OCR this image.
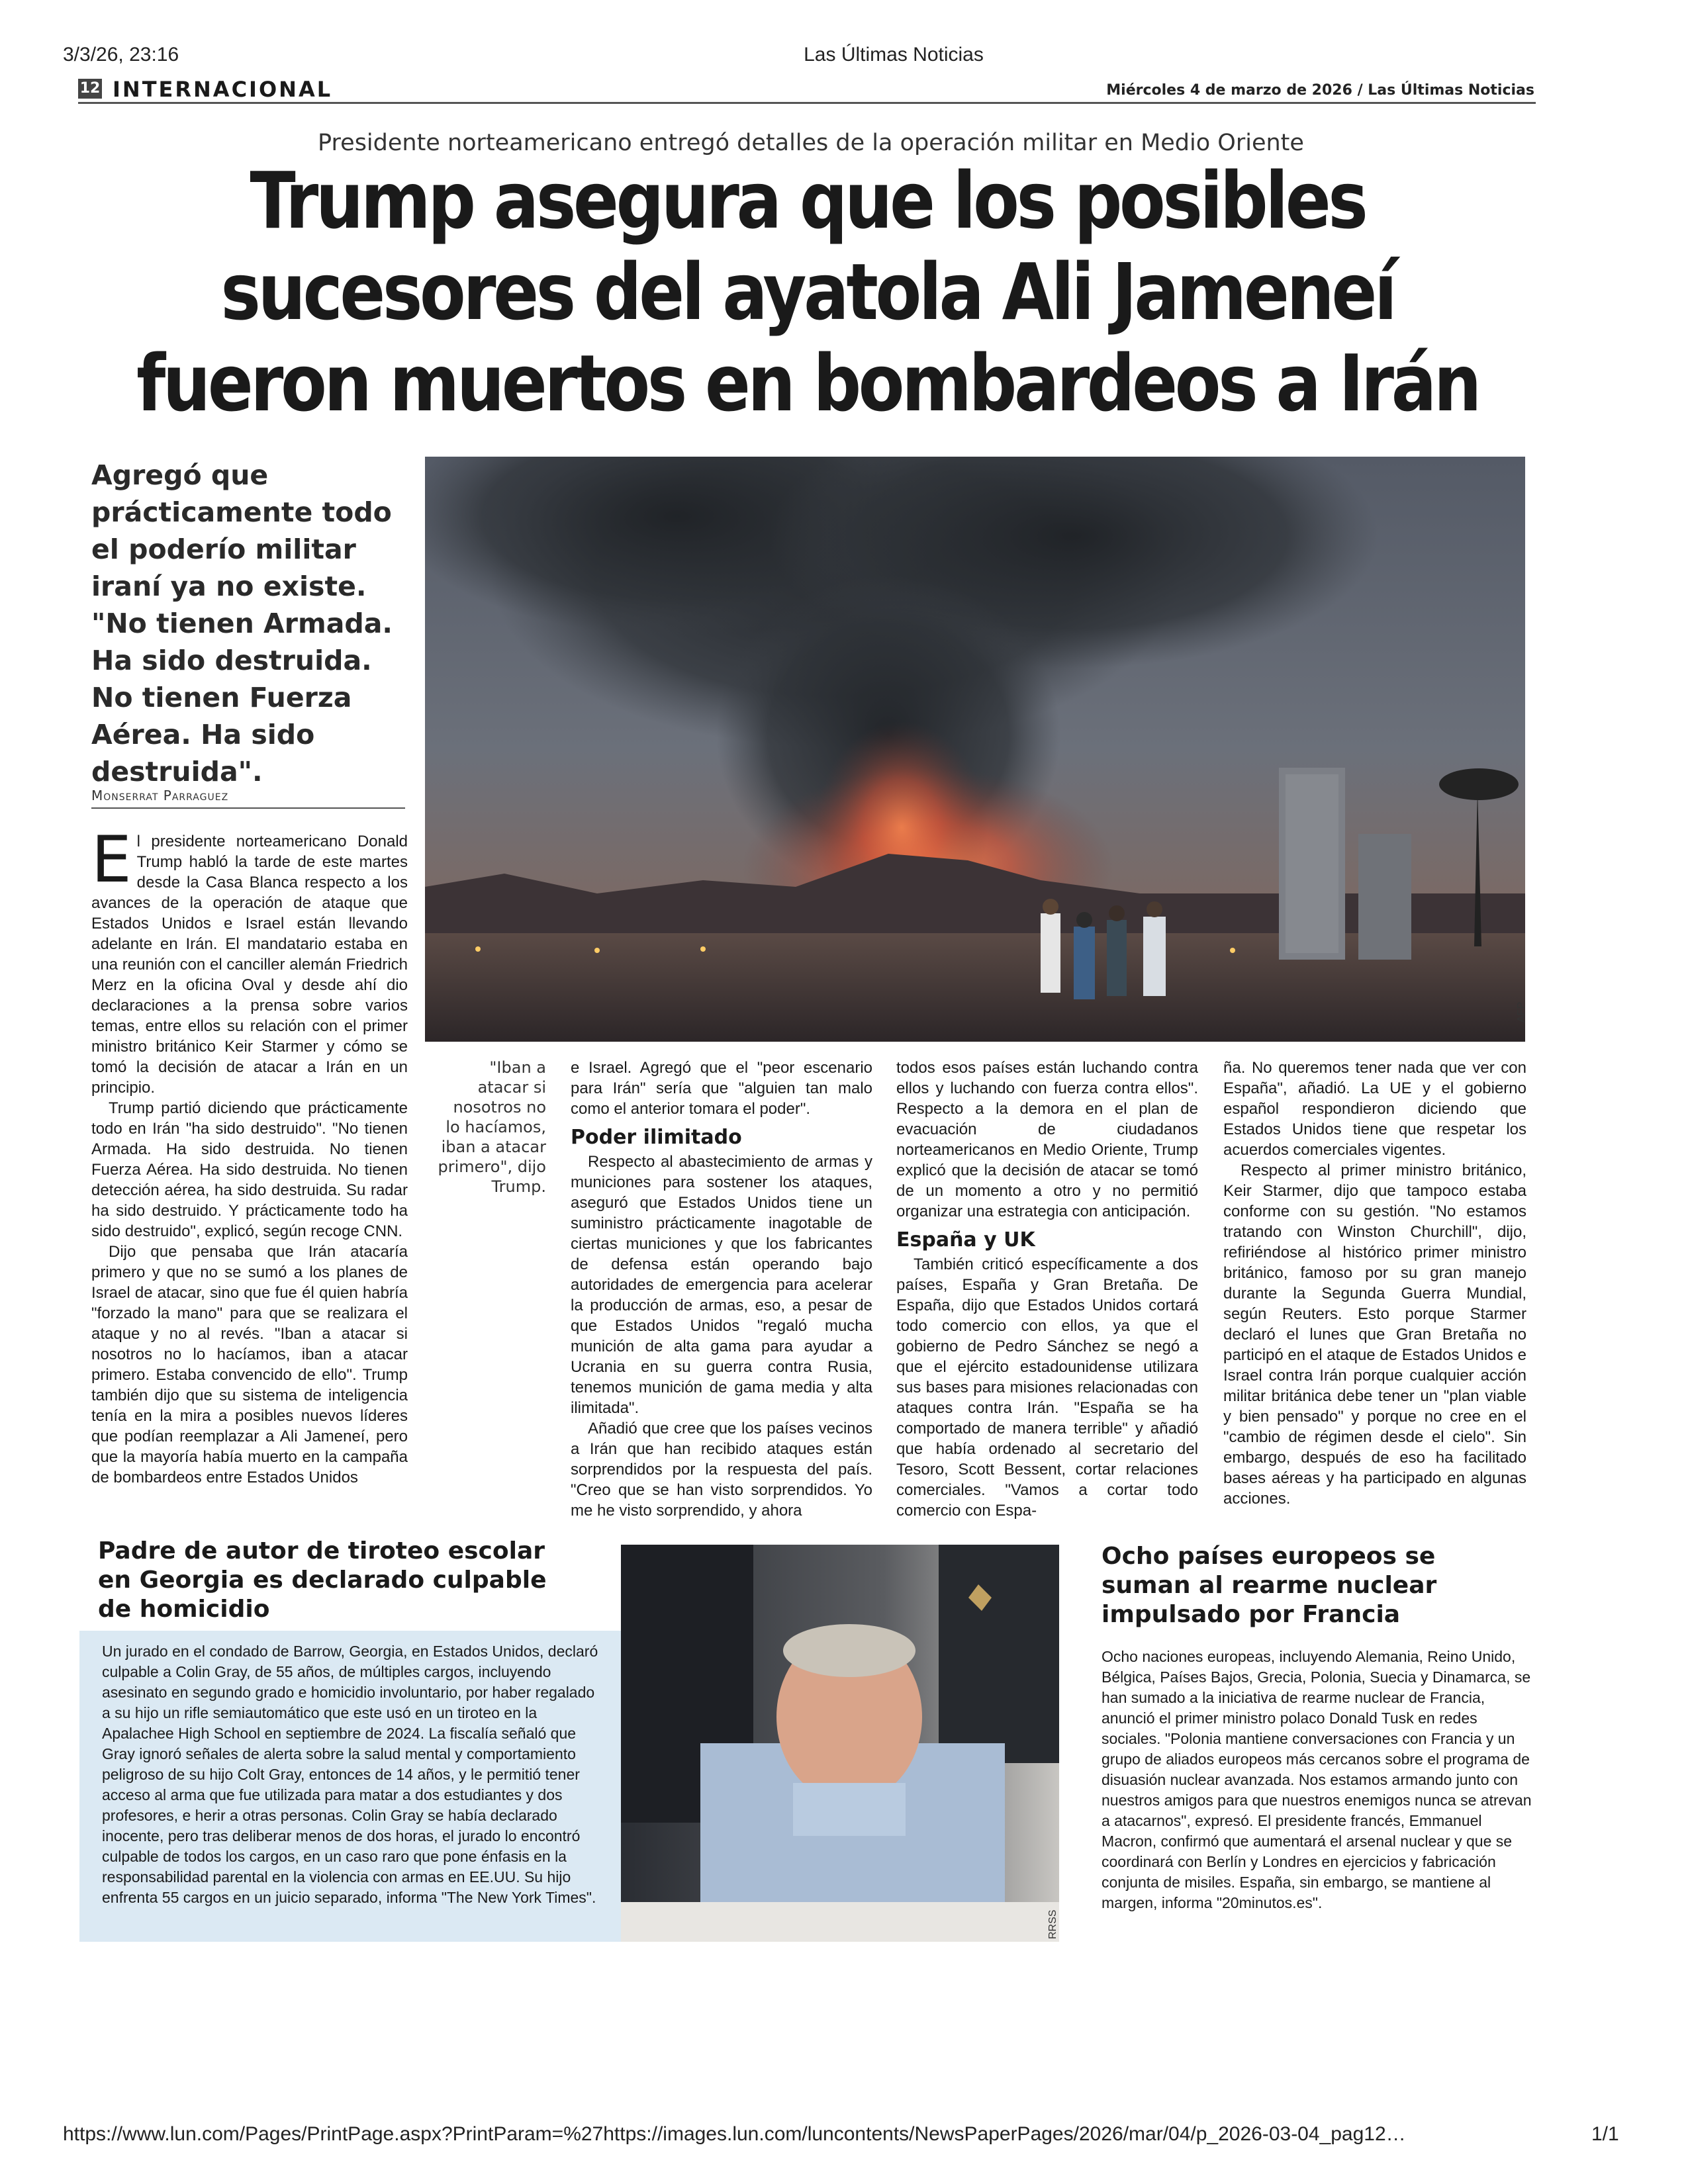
3/3/26, 23:16	Las Últimas Noticias
12 INTERNACIONAL	Miércoles 4 de marzo de 2026 / Las Últimas Noticias
Presidente norteamericano entregó detalles de la operación militar en Medio Oriente
Trump asegura que los posibles
sucesores del ayatola Ali Jameneí
fueron muertos en bombardeos a Irán
Agregó que prácticamente todo el poderío militar iraní ya no existe. "No tienen Armada. Ha sido destruida. No tienen Fuerza Aérea. Ha sido destruida".
Monserrat Parraguez
AFP

El presidente norteamericano Donald Trump habló la tarde de este martes desde la Casa Blanca respecto a los avances de la operación de ataque que Estados Unidos e Israel están llevando adelante en Irán. El mandatario estaba en una reunión con el canciller alemán Friedrich Merz en la oficina Oval y desde ahí dio declaraciones a la prensa sobre varios temas, entre ellos su relación con el primer ministro británico Keir Starmer y cómo se tomó la decisión de atacar a Irán en un principio.

Trump partió diciendo que prácticamente todo en Irán "ha sido destruido". "No tienen Armada. Ha sido destruida. No tienen Fuerza Aérea. Ha sido destruida. No tienen detección aérea, ha sido destruida. Su radar ha sido destruido. Y prácticamente todo ha sido destruido", explicó, según recoge CNN.

Dijo que pensaba que Irán atacaría primero y que no se sumó a los planes de Israel de atacar, sino que fue él quien habría "forzado la mano" para que se realizara el ataque y no al revés. "Iban a atacar si nosotros no lo hacíamos, iban a atacar primero. Estaba convencido de ello". Trump también dijo que su sistema de inteligencia tenía en la mira a posibles nuevos líderes que podían reemplazar a Ali Jameneí, pero que la mayoría había muerto en la campaña de bombardeos entre Estados Unidos

"Iban a atacar si nosotros no lo hacíamos, iban a atacar primero", dijo Trump.

e Israel. Agregó que el "peor escenario para Irán" sería que "alguien tan malo como el anterior tomara el poder".

Poder ilimitado

Respecto al abastecimiento de armas y municiones para sostener los ataques, aseguró que Estados Unidos tiene un suministro prácticamente inagotable de ciertas municiones y que los fabricantes de defensa están operando bajo autoridades de emergencia para acelerar la producción de armas, eso, a pesar de que Estados Unidos "regaló mucha munición de alta gama para ayudar a Ucrania en su guerra contra Rusia, tenemos munición de gama media y alta ilimitada".

Añadió que cree que los países vecinos a Irán que han recibido ataques están sorprendidos por la respuesta del país. "Creo que se han visto sorprendidos. Yo me he visto sorprendido, y ahora

todos esos países están luchando contra ellos y luchando con fuerza contra ellos". Respecto a la demora en el plan de evacuación de ciudadanos norteamericanos en Medio Oriente, Trump explicó que la decisión de atacar se tomó de un momento a otro y no permitió organizar una estrategia con anticipación.

España y UK

También criticó específicamente a dos países, España y Gran Bretaña. De España, dijo que Estados Unidos cortará todo comercio con ellos, ya que el gobierno de Pedro Sánchez se negó a que el ejército estadounidense utilizara sus bases para misiones relacionadas con ataques contra Irán. "España se ha comportado de manera terrible" y añadió que había ordenado al secretario del Tesoro, Scott Bessent, cortar relaciones comerciales. "Vamos a cortar todo comercio con Espa-

ña. No queremos tener nada que ver con España", añadió. La UE y el gobierno español respondieron diciendo que Estados Unidos tiene que respetar los acuerdos comerciales vigentes.

Respecto al primer ministro británico, Keir Starmer, dijo que tampoco estaba conforme con su gestión. "No estamos tratando con Winston Churchill", dijo, refiriéndose al histórico primer ministro británico, famoso por su gran manejo durante la Segunda Guerra Mundial, según Reuters. Esto porque Starmer declaró el lunes que Gran Bretaña no participó en el ataque de Estados Unidos e Israel contra Irán porque cualquier acción militar británica debe tener un "plan viable y bien pensado" y porque no cree en el "cambio de régimen desde el cielo". Sin embargo, después de eso ha facilitado bases aéreas y ha participado en algunas acciones.

Padre de autor de tiroteo escolar en Georgia es declarado culpable de homicidio
Un jurado en el condado de Barrow, Georgia, en Estados Unidos, declaró culpable a Colin Gray, de 55 años, de múltiples cargos, incluyendo asesinato en segundo grado e homicidio involuntario, por haber regalado a su hijo un rifle semiautomático que este usó en un tiroteo en la Apalachee High School en septiembre de 2024. La fiscalía señaló que Gray ignoró señales de alerta sobre la salud mental y comportamiento peligroso de su hijo Colt Gray, entonces de 14 años, y le permitió tener acceso al arma que fue utilizada para matar a dos estudiantes y dos profesores, e herir a otras personas. Colin Gray se había declarado inocente, pero tras deliberar menos de dos horas, el jurado lo encontró culpable de todos los cargos, en un caso raro que pone énfasis en la responsabilidad parental en la violencia con armas en EE.UU. Su hijo enfrenta 55 cargos en un juicio separado, informa "The New York Times".
RRSS
Ocho países europeos se suman al rearme nuclear impulsado por Francia
Ocho naciones europeas, incluyendo Alemania, Reino Unido, Bélgica, Países Bajos, Grecia, Polonia, Suecia y Dinamarca, se han sumado a la iniciativa de rearme nuclear de Francia, anunció el primer ministro polaco Donald Tusk en redes sociales. "Polonia mantiene conversaciones con Francia y un grupo de aliados europeos más cercanos sobre el programa de disuasión nuclear avanzada. Nos estamos armando junto con nuestros amigos para que nuestros enemigos nunca se atrevan a atacarnos", expresó. El presidente francés, Emmanuel Macron, confirmó que aumentará el arsenal nuclear y que se coordinará con Berlín y Londres en ejercicios y fabricación conjunta de misiles. España, sin embargo, se mantiene al margen, informa "20minutos.es".
https://www.lun.com/Pages/PrintPage.aspx?PrintParam=%27https://images.lun.com/luncontents/NewsPaperPages/2026/mar/04/p_2026-03-04_pag12…	1/1
